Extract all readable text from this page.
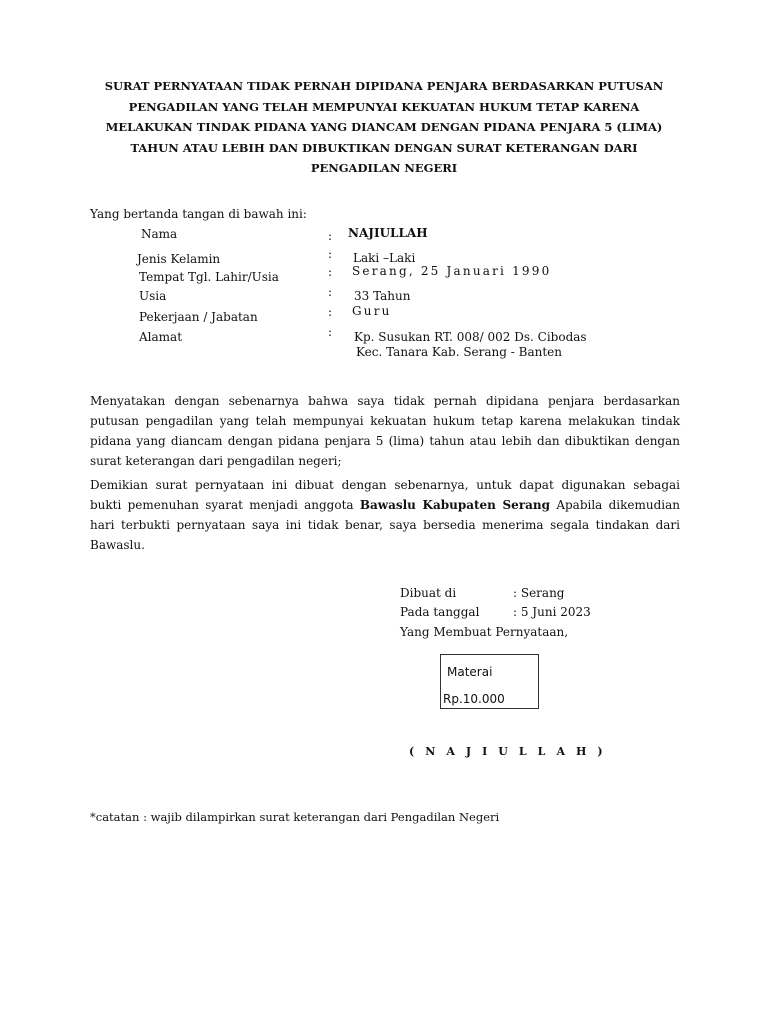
SURAT PERNYATAAN TIDAK PERNAH DIPIDANA PENJARA BERDASARKAN PUTUSAN
PENGADILAN YANG TELAH MEMPUNYAI KEKUATAN HUKUM TETAP KARENA
MELAKUKAN TINDAK PIDANA YANG DIANCAM DENGAN PIDANA PENJARA 5 (LIMA)
TAHUN ATAU LEBIH DAN DIBUKTIKAN DENGAN SURAT KETERANGAN DARI
PENGADILAN NEGERI
Yang bertanda tangan di bawah ini:
Nama	: NAJIULLAH
Jenis Kelamin	: Laki –Laki
Tempat Tgl. Lahir/Usia	: Serang, 25 Januari 1990
Usia	: 33 Tahun
Pekerjaan / Jabatan	: Guru
Alamat	: Kp. Susukan RT. 008/ 002 Ds. Cibodas
Kec. Tanara Kab. Serang - Banten
Menyatakan dengan sebenarnya bahwa saya tidak pernah dipidana penjara berdasarkan
putusan pengadilan yang telah mempunyai kekuatan hukum tetap karena melakukan tindak
pidana yang diancam dengan pidana penjara 5 (lima) tahun atau lebih dan dibuktikan dengan
surat keterangan dari pengadilan negeri;
Demikian surat pernyataan ini dibuat dengan sebenarnya, untuk dapat digunakan sebagai
bukti pemenuhan syarat menjadi anggota Bawaslu Kabupaten Serang Apabila dikemudian
hari terbukti pernyataan saya ini tidak benar, saya bersedia menerima segala tindakan dari
Bawaslu.
Dibuat di	: Serang
Pada tanggal	: 5 Juni 2023
Yang Membuat Pernyataan,
Materai
Rp.10.000
( N A J I U L L A H )
*catatan : wajib dilampirkan surat keterangan dari Pengadilan Negeri
